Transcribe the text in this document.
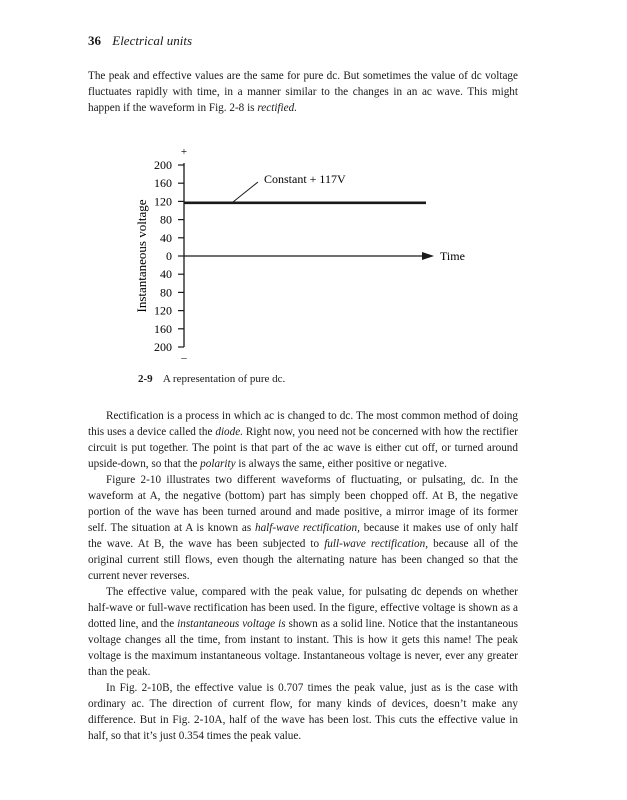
36 Electrical units

The peak and effective values are the same for pure dc. But sometimes the value of dc voltage fluctuates rapidly with time, in a manner similar to the changes in an ac wave. This might happen if the waveform in Fig. 2-8 is rectified.

200
160
120
80
40
0
40
80
120
160
200
+
–
Instantaneous voltage	Time
Constant + 117V
2-9 A representation of pure dc.

Rectification is a process in which ac is changed to dc. The most common method of doing this uses a device called the diode. Right now, you need not be concerned with how the rectifier circuit is put together. The point is that part of the ac wave is either cut off, or turned around upside-down, so that the polarity is always the same, either positive or negative.

Figure 2-10 illustrates two different waveforms of fluctuating, or pulsating, dc. In the waveform at A, the negative (bottom) part has simply been chopped off. At B, the negative portion of the wave has been turned around and made positive, a mirror image of its former self. The situation at A is known as half-wave rectification, because it makes use of only half the wave. At B, the wave has been subjected to full-wave rectification, because all of the original current still flows, even though the alternating nature has been changed so that the current never reverses.

The effective value, compared with the peak value, for pulsating dc depends on whether half-wave or full-wave rectification has been used. In the figure, effective voltage is shown as a dotted line, and the instantaneous voltage is shown as a solid line. Notice that the instantaneous voltage changes all the time, from instant to instant. This is how it gets this name! The peak voltage is the maximum instantaneous voltage. Instantaneous voltage is never, ever any greater than the peak.

In Fig. 2-10B, the effective value is 0.707 times the peak value, just as is the case with ordinary ac. The direction of current flow, for many kinds of devices, doesn’t make any difference. But in Fig. 2-10A, half of the wave has been lost. This cuts the effective value in half, so that it’s just 0.354 times the peak value.
